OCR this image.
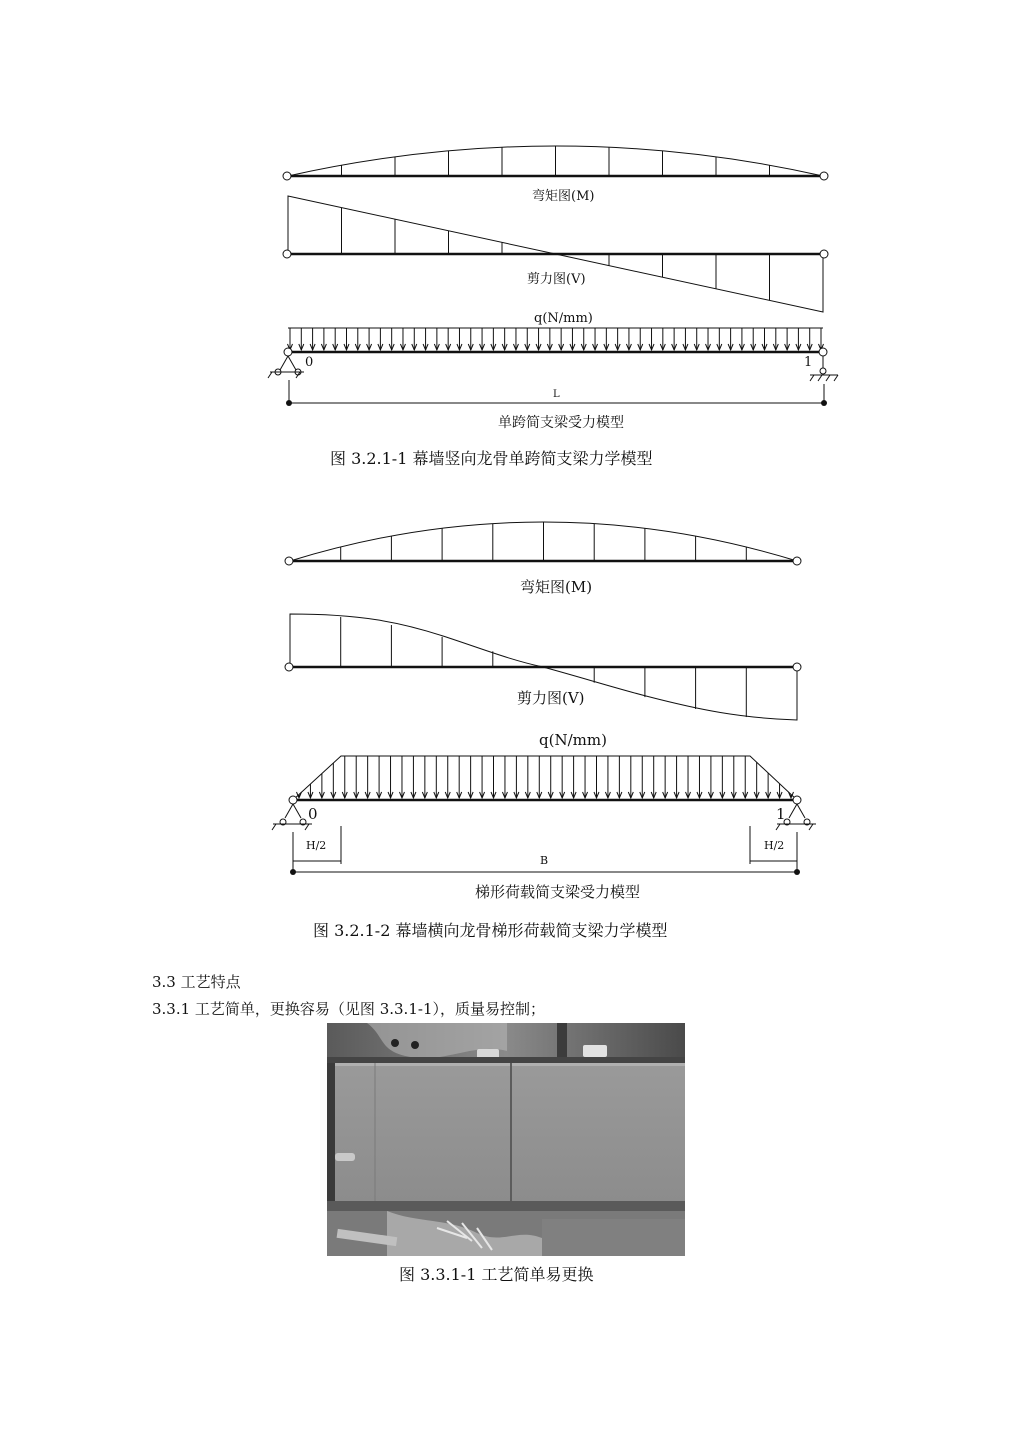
弯矩图(M)
剪力图(V)
q(N/mm)
0	1
L
单跨简支梁受力模型
图 3.2.1-1 幕墙竖向龙骨单跨简支梁力学模型
弯矩图(M)
剪力图(V)
q(N/mm)
0	1
H/2	H/2
B
梯形荷载简支梁受力模型
图 3.2.1-2 幕墙横向龙骨梯形荷载简支梁力学模型
3.3 工艺特点
3.3.1 工艺简单，更换容易（见图 3.3.1-1），质量易控制；
图 3.3.1-1 工艺简单易更换
